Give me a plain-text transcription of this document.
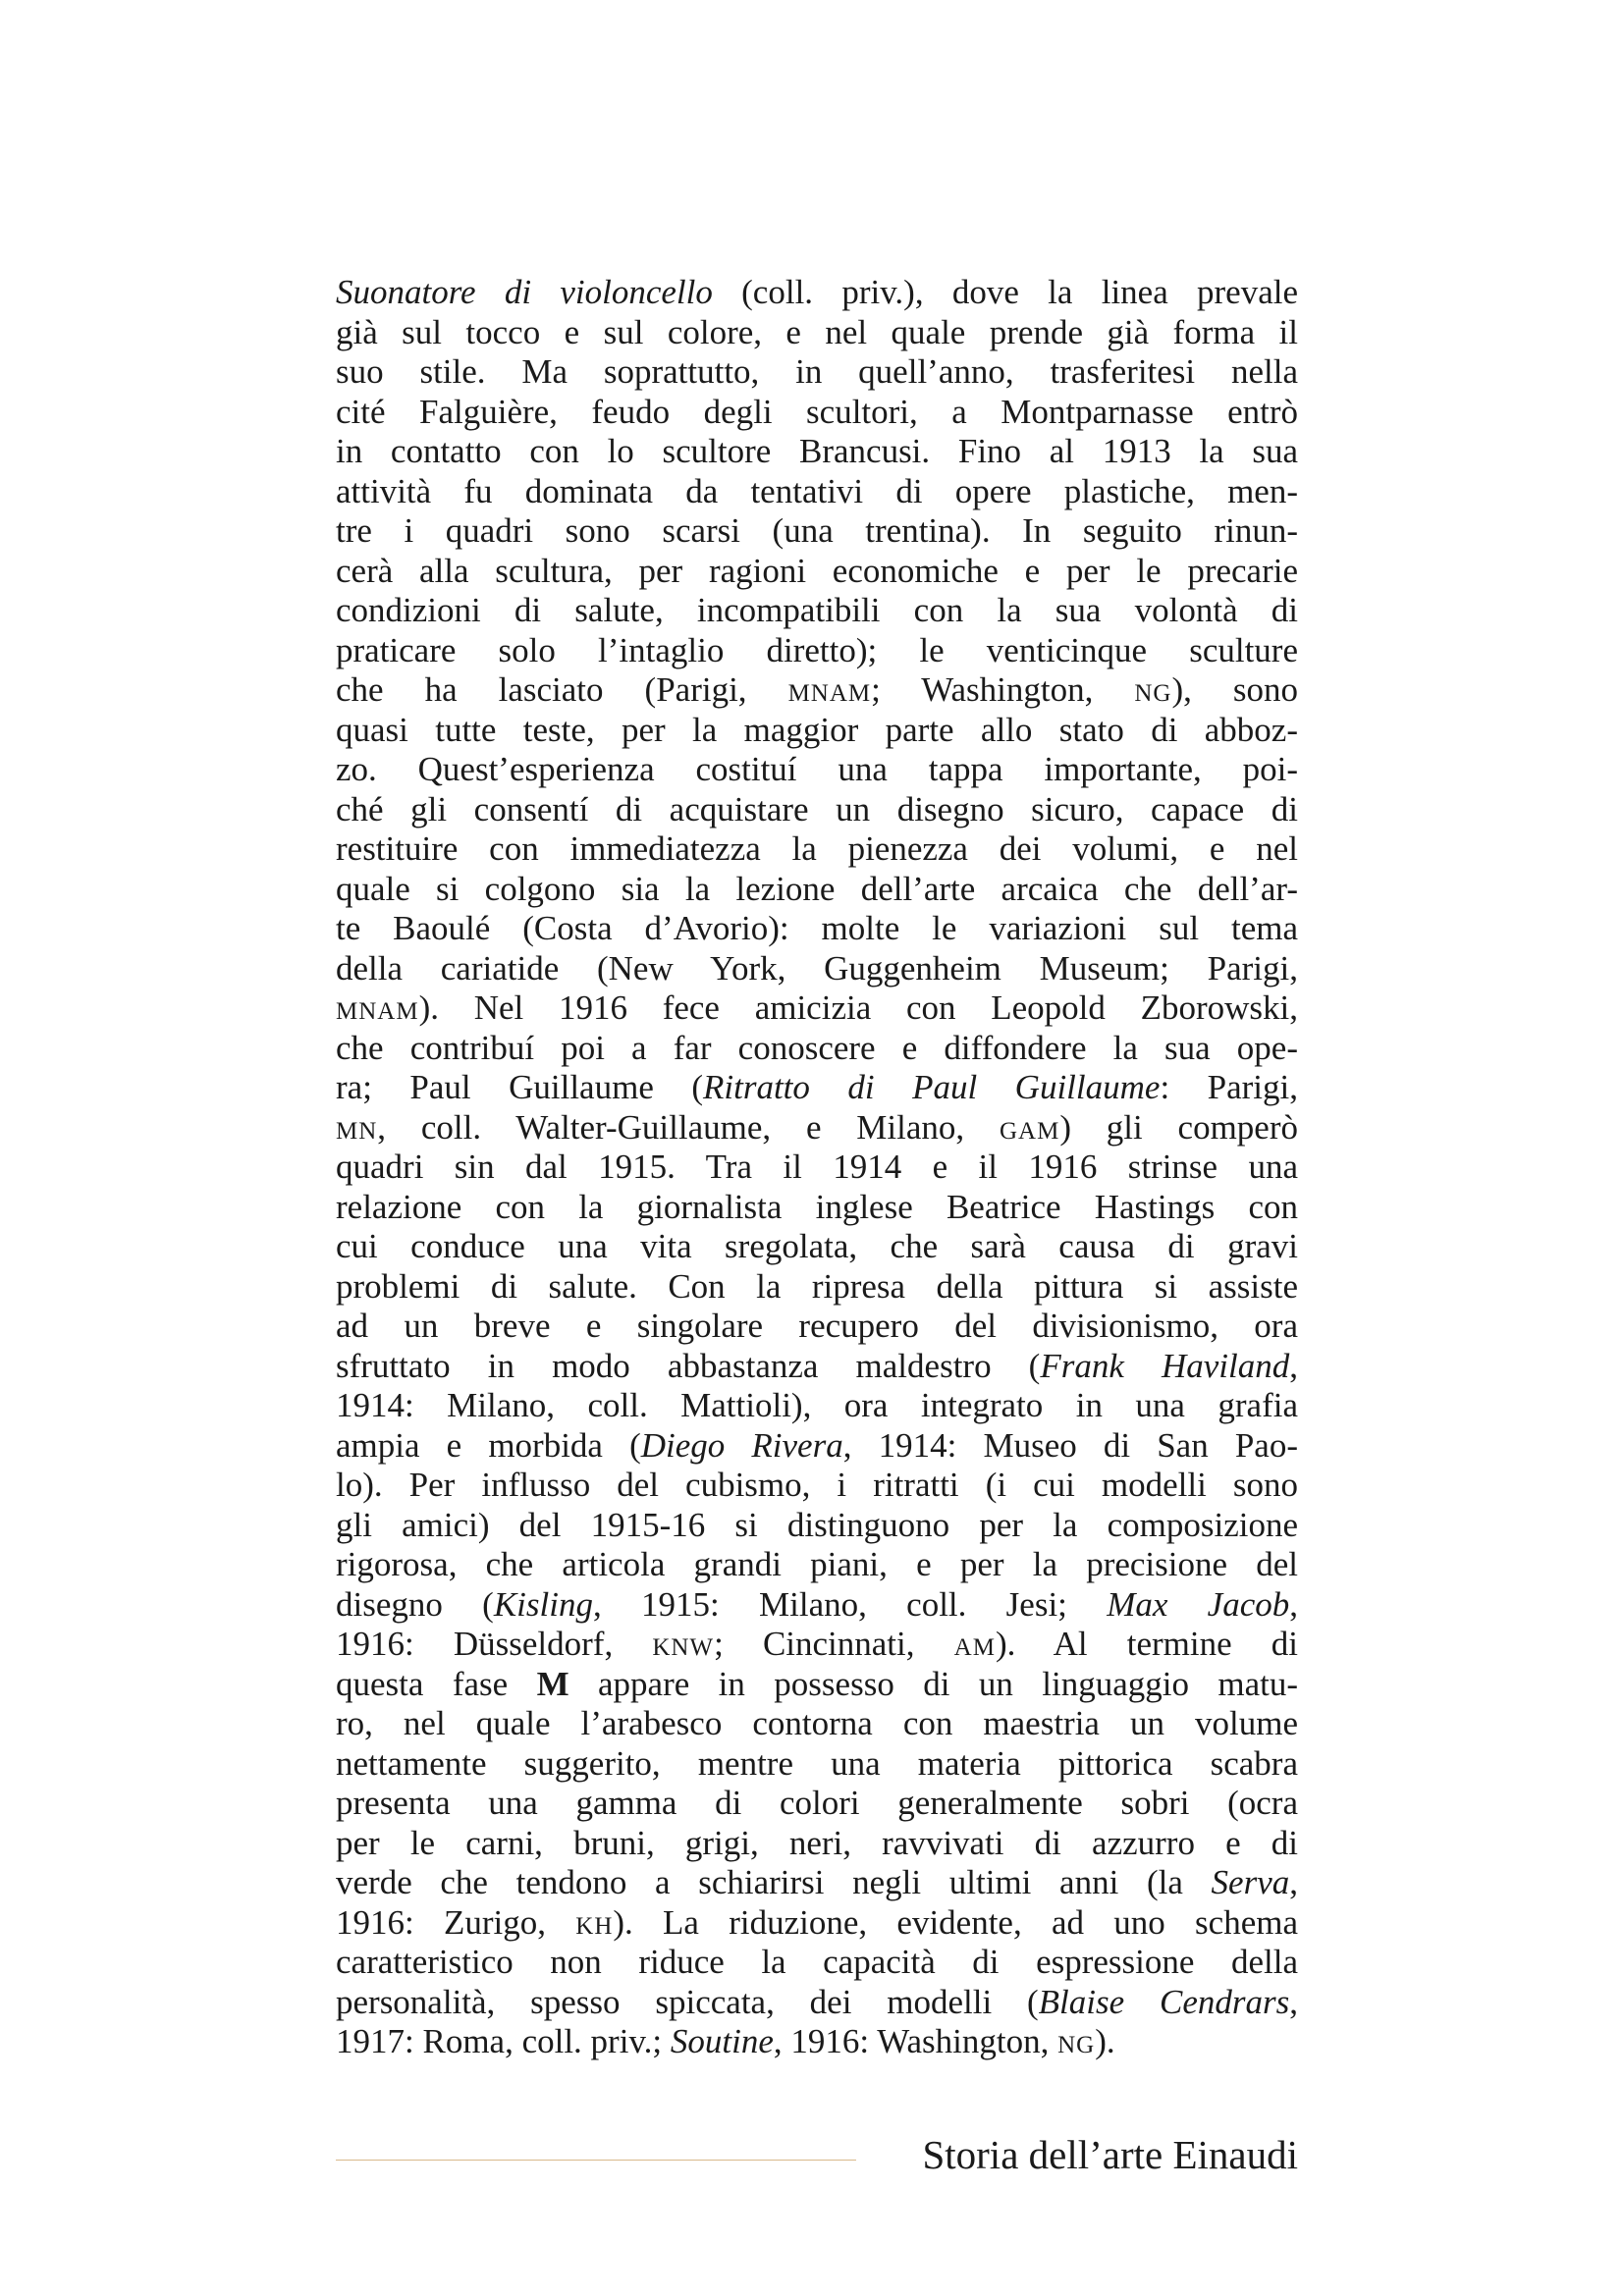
Suonatore di violoncello (coll. priv.), dove la linea prevale
già sul tocco e sul colore, e nel quale prende già forma il
suo stile. Ma soprattutto, in quell’anno, trasferitesi nella
cité Falguière, feudo degli scultori, a Montparnasse entrò
in contatto con lo scultore Brancusi. Fino al 1913 la sua
attività fu dominata da tentativi di opere plastiche, men-
tre i quadri sono scarsi (una trentina). In seguito rinun-
cerà alla scultura, per ragioni economiche e per le precarie
condizioni di salute, incompatibili con la sua volontà di
praticare solo l’intaglio diretto); le venticinque sculture
che ha lasciato (Parigi, MNAM; Washington, NG), sono
quasi tutte teste, per la maggior parte allo stato di abboz-
zo. Quest’esperienza costituí una tappa importante, poi-
ché gli consentí di acquistare un disegno sicuro, capace di
restituire con immediatezza la pienezza dei volumi, e nel
quale si colgono sia la lezione dell’arte arcaica che dell’ar-
te Baoulé (Costa d’Avorio): molte le variazioni sul tema
della cariatide (New York, Guggenheim Museum; Parigi,
MNAM). Nel 1916 fece amicizia con Leopold Zborowski,
che contribuí poi a far conoscere e diffondere la sua ope-
ra; Paul Guillaume (Ritratto di Paul Guillaume: Parigi,
MN, coll. Walter-Guillaume, e Milano, GAM) gli comperò
quadri sin dal 1915. Tra il 1914 e il 1916 strinse una
relazione con la giornalista inglese Beatrice Hastings con
cui conduce una vita sregolata, che sarà causa di gravi
problemi di salute. Con la ripresa della pittura si assiste
ad un breve e singolare recupero del divisionismo, ora
sfruttato in modo abbastanza maldestro (Frank Haviland,
1914: Milano, coll. Mattioli), ora integrato in una grafia
ampia e morbida (Diego Rivera, 1914: Museo di San Pao-
lo). Per influsso del cubismo, i ritratti (i cui modelli sono
gli amici) del 1915-16 si distinguono per la composizione
rigorosa, che articola grandi piani, e per la precisione del
disegno (Kisling, 1915: Milano, coll. Jesi; Max Jacob,
1916: Düsseldorf, KNW; Cincinnati, AM). Al termine di
questa fase M appare in possesso di un linguaggio matu-
ro, nel quale l’arabesco contorna con maestria un volume
nettamente suggerito, mentre una materia pittorica scabra
presenta una gamma di colori generalmente sobri (ocra
per le carni, bruni, grigi, neri, ravvivati di azzurro e di
verde che tendono a schiarirsi negli ultimi anni (la Serva,
1916: Zurigo, KH). La riduzione, evidente, ad uno schema
caratteristico non riduce la capacità di espressione della
personalità, spesso spiccata, dei modelli (Blaise Cendrars,
1917: Roma, coll. priv.; Soutine, 1916: Washington, NG).
Storia dell’arte Einaudi
